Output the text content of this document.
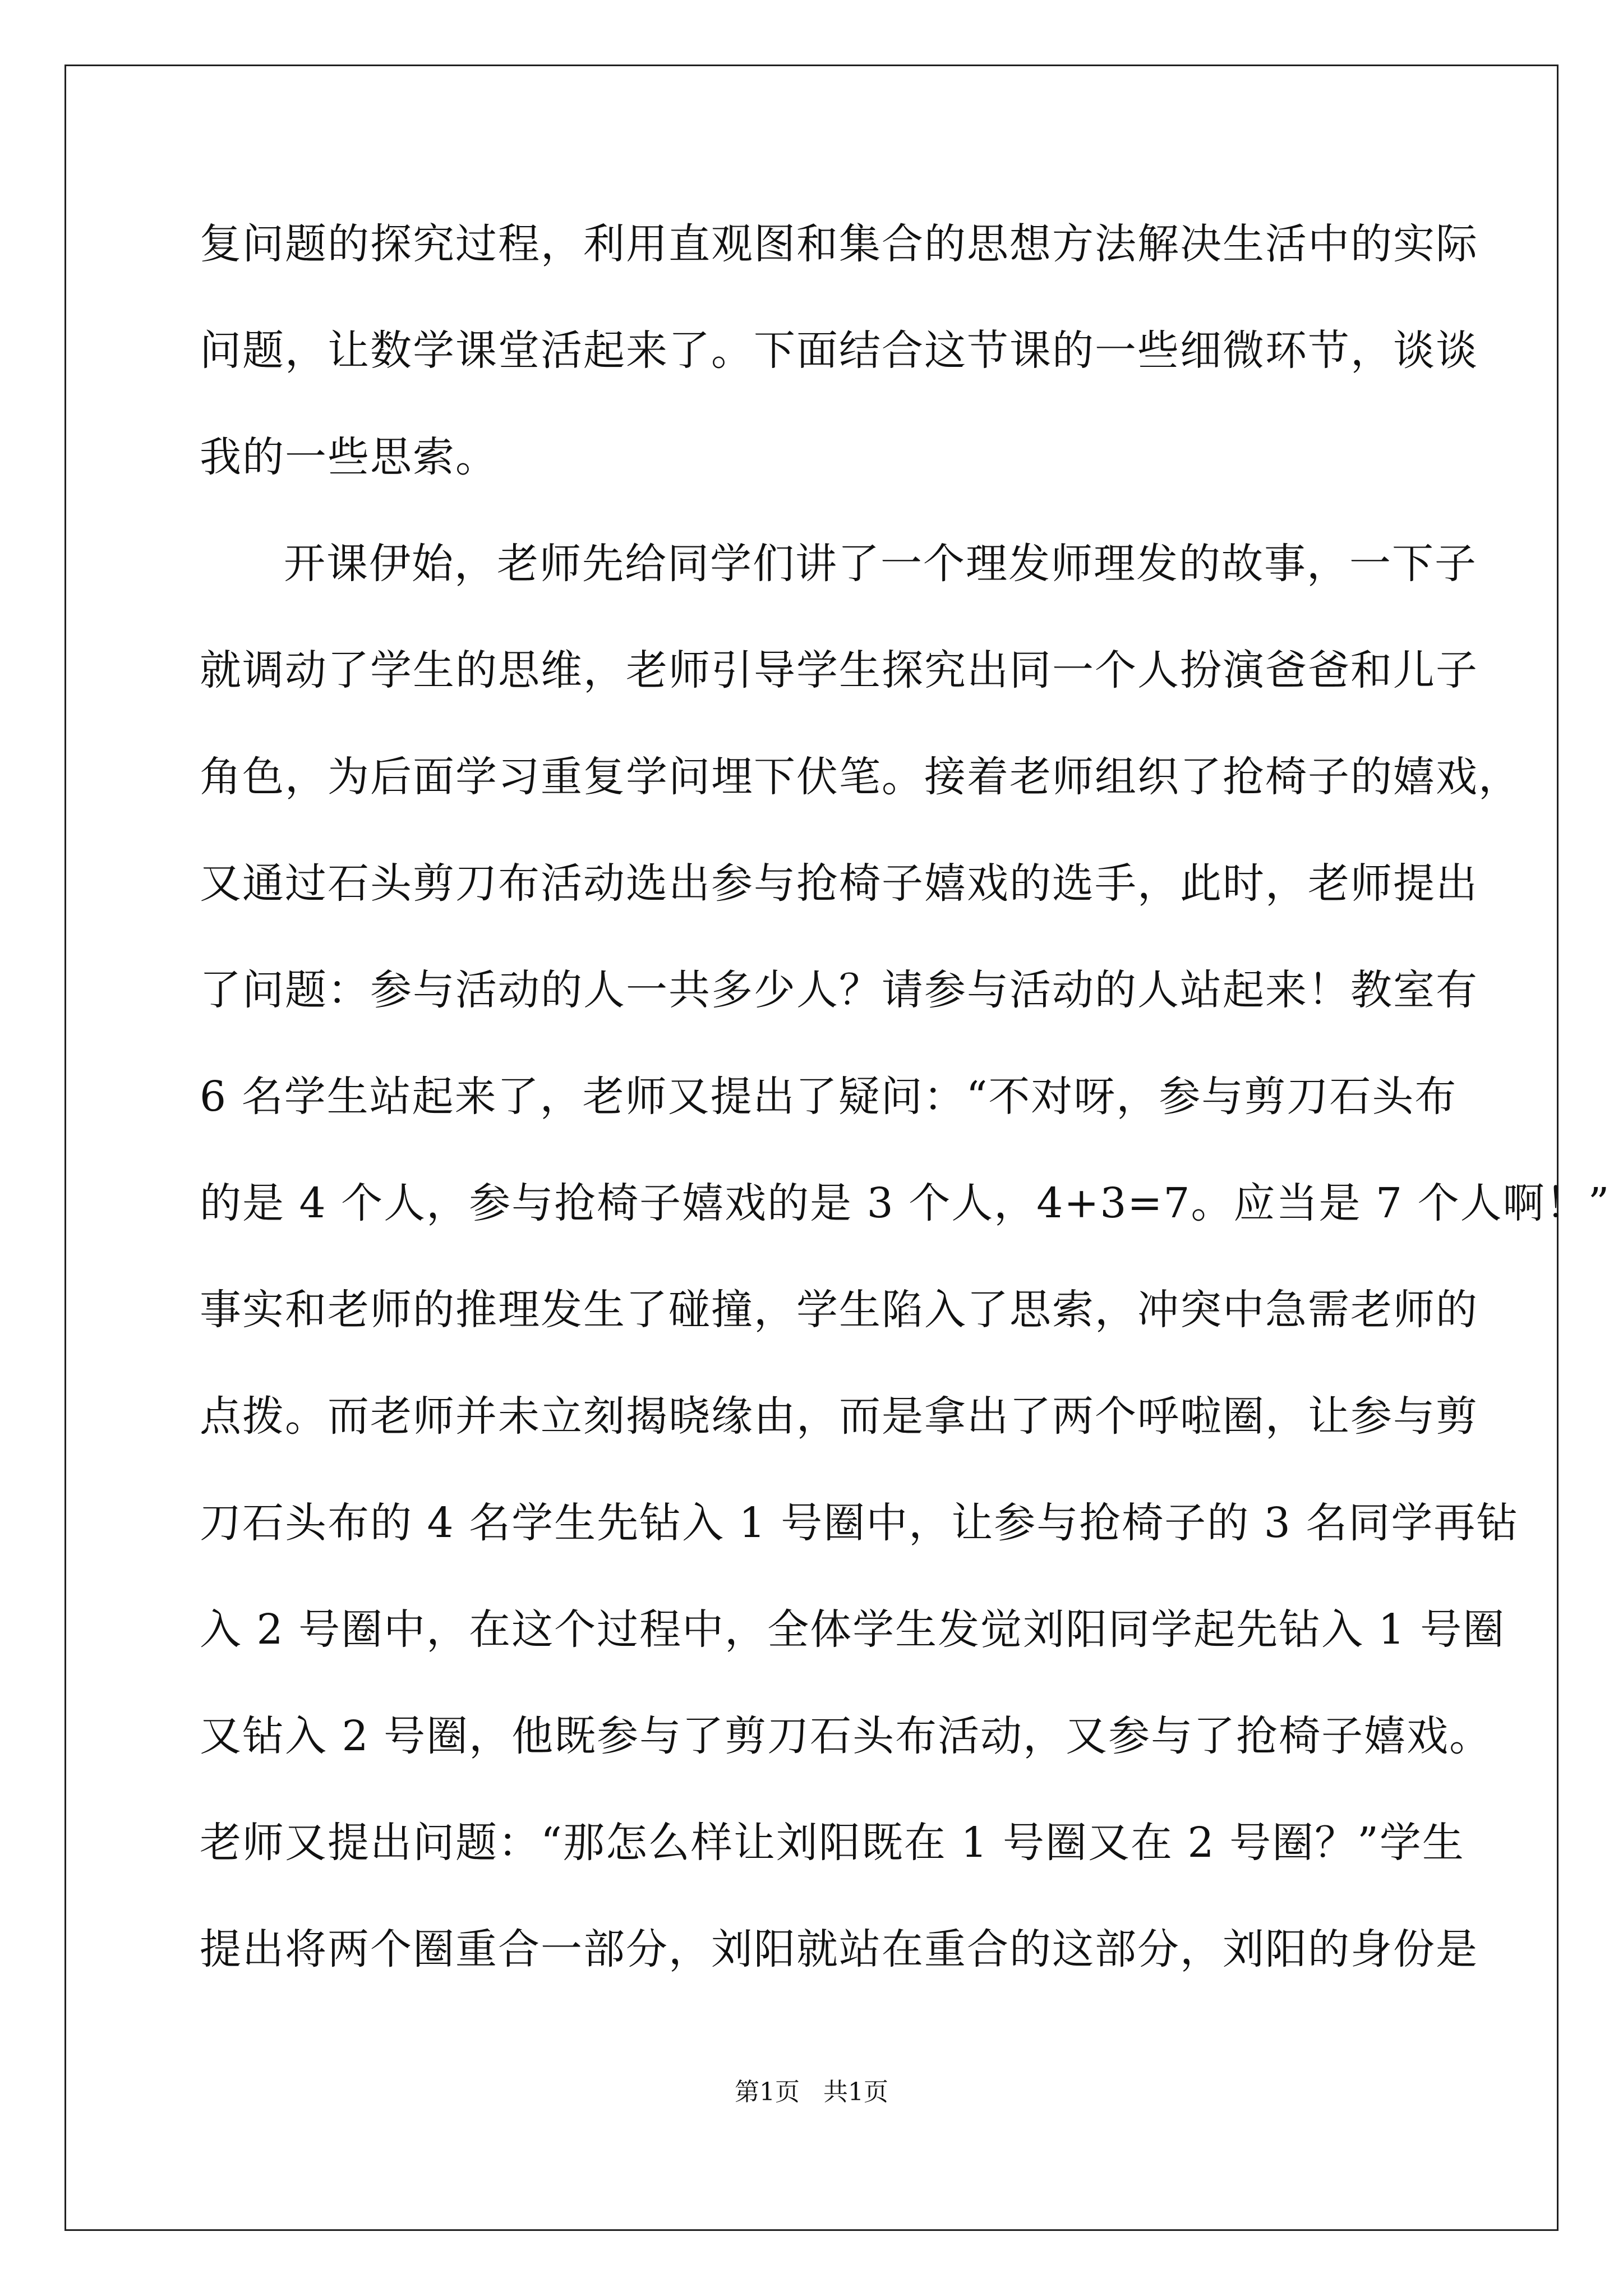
复问题的探究过程，利用直观图和集合的思想方法解决生活中的实际
问题，让数学课堂活起来了。下面结合这节课的一些细微环节，谈谈
我的一些思索。
开课伊始，老师先给同学们讲了一个理发师理发的故事，一下子
就调动了学生的思维，老师引导学生探究出同一个人扮演爸爸和儿子
角色，为后面学习重复学问埋下伏笔。接着老师组织了抢椅子的嬉戏，
又通过石头剪刀布活动选出参与抢椅子嬉戏的选手，此时，老师提出
了问题：参与活动的人一共多少人？请参与活动的人站起来！教室有
6 名学生站起来了，老师又提出了疑问：“不对呀，参与剪刀石头布
的是 4 个人，参与抢椅子嬉戏的是 3 个人，4+3=7。应当是 7 个人啊！”
事实和老师的推理发生了碰撞，学生陷入了思索，冲突中急需老师的
点拨。而老师并未立刻揭晓缘由，而是拿出了两个呼啦圈，让参与剪
刀石头布的 4 名学生先钻入 1 号圈中，让参与抢椅子的 3 名同学再钻
入 2 号圈中，在这个过程中，全体学生发觉刘阳同学起先钻入 1 号圈
又钻入 2 号圈，他既参与了剪刀石头布活动，又参与了抢椅子嬉戏。
老师又提出问题：“那怎么样让刘阳既在 1 号圈又在 2 号圈？”学生
提出将两个圈重合一部分，刘阳就站在重合的这部分，刘阳的身份是
第1页   共1页
